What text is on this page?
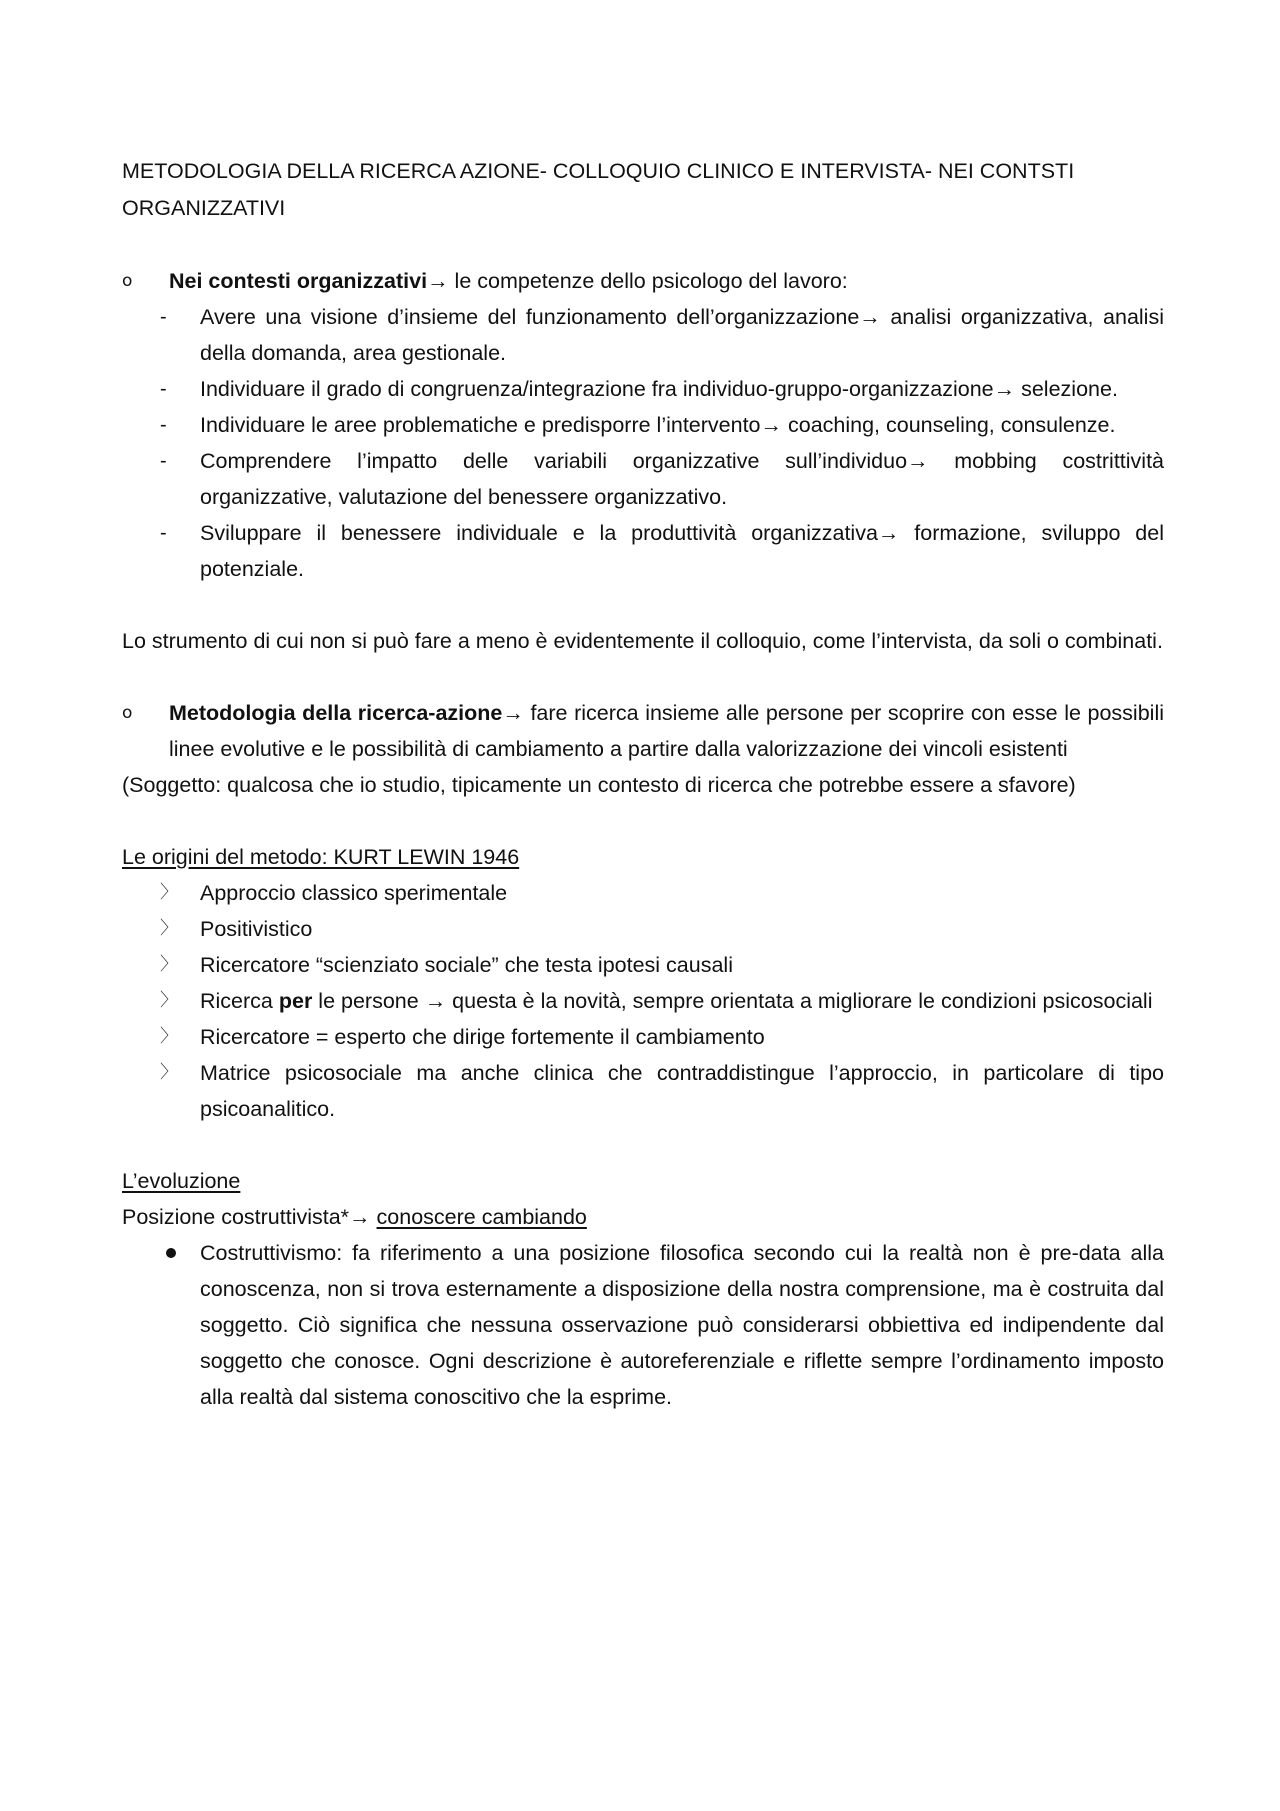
METODOLOGIA DELLA RICERCA AZIONE- COLLOQUIO CLINICO E INTERVISTA- NEI CONTSTI ORGANIZZATIVI

o Nei contesti organizzativi→ le competenze dello psicologo del lavoro:

- Avere una visione d’insieme del funzionamento dell’organizzazione→ analisi organizzativa, analisi della domanda, area gestionale.
- Individuare il grado di congruenza/integrazione fra individuo-gruppo-organizzazione→ selezione.
- Individuare le aree problematiche e predisporre l’intervento→ coaching, counseling, consulenze.
- Comprendere l’impatto delle variabili organizzative sull’individuo→ mobbing costrittività organizzative, valutazione del benessere organizzativo.
- Sviluppare il benessere individuale e la produttività organizzativa→ formazione, sviluppo del potenziale.

Lo strumento di cui non si può fare a meno è evidentemente il colloquio, come l’intervista, da soli o combinati.

o Metodologia della ricerca-azione→ fare ricerca insieme alle persone per scoprire con esse le possibili linee evolutive e le possibilità di cambiamento a partire dalla valorizzazione dei vincoli esistenti

(Soggetto: qualcosa che io studio, tipicamente un contesto di ricerca che potrebbe essere a sfavore)

Le origini del metodo: KURT LEWIN 1946

〉 Approccio classico sperimentale
〉 Positivistico
〉 Ricercatore “scienziato sociale” che testa ipotesi causali
〉 Ricerca per le persone → questa è la novità, sempre orientata a migliorare le condizioni psicosociali
〉 Ricercatore = esperto che dirige fortemente il cambiamento
〉 Matrice psicosociale ma anche clinica che contraddistingue l’approccio, in particolare di tipo psicoanalitico.

L’evoluzione

Posizione costruttivista*→ conoscere cambiando

Costruttivismo: fa riferimento a una posizione filosofica secondo cui la realtà non è pre-data alla conoscenza, non si trova esternamente a disposizione della nostra comprensione, ma è costruita dal soggetto. Ciò significa che nessuna osservazione può considerarsi obbiettiva ed indipendente dal soggetto che conosce. Ogni descrizione è autoreferenziale e riflette sempre l’ordinamento imposto alla realtà dal sistema conoscitivo che la esprime.
